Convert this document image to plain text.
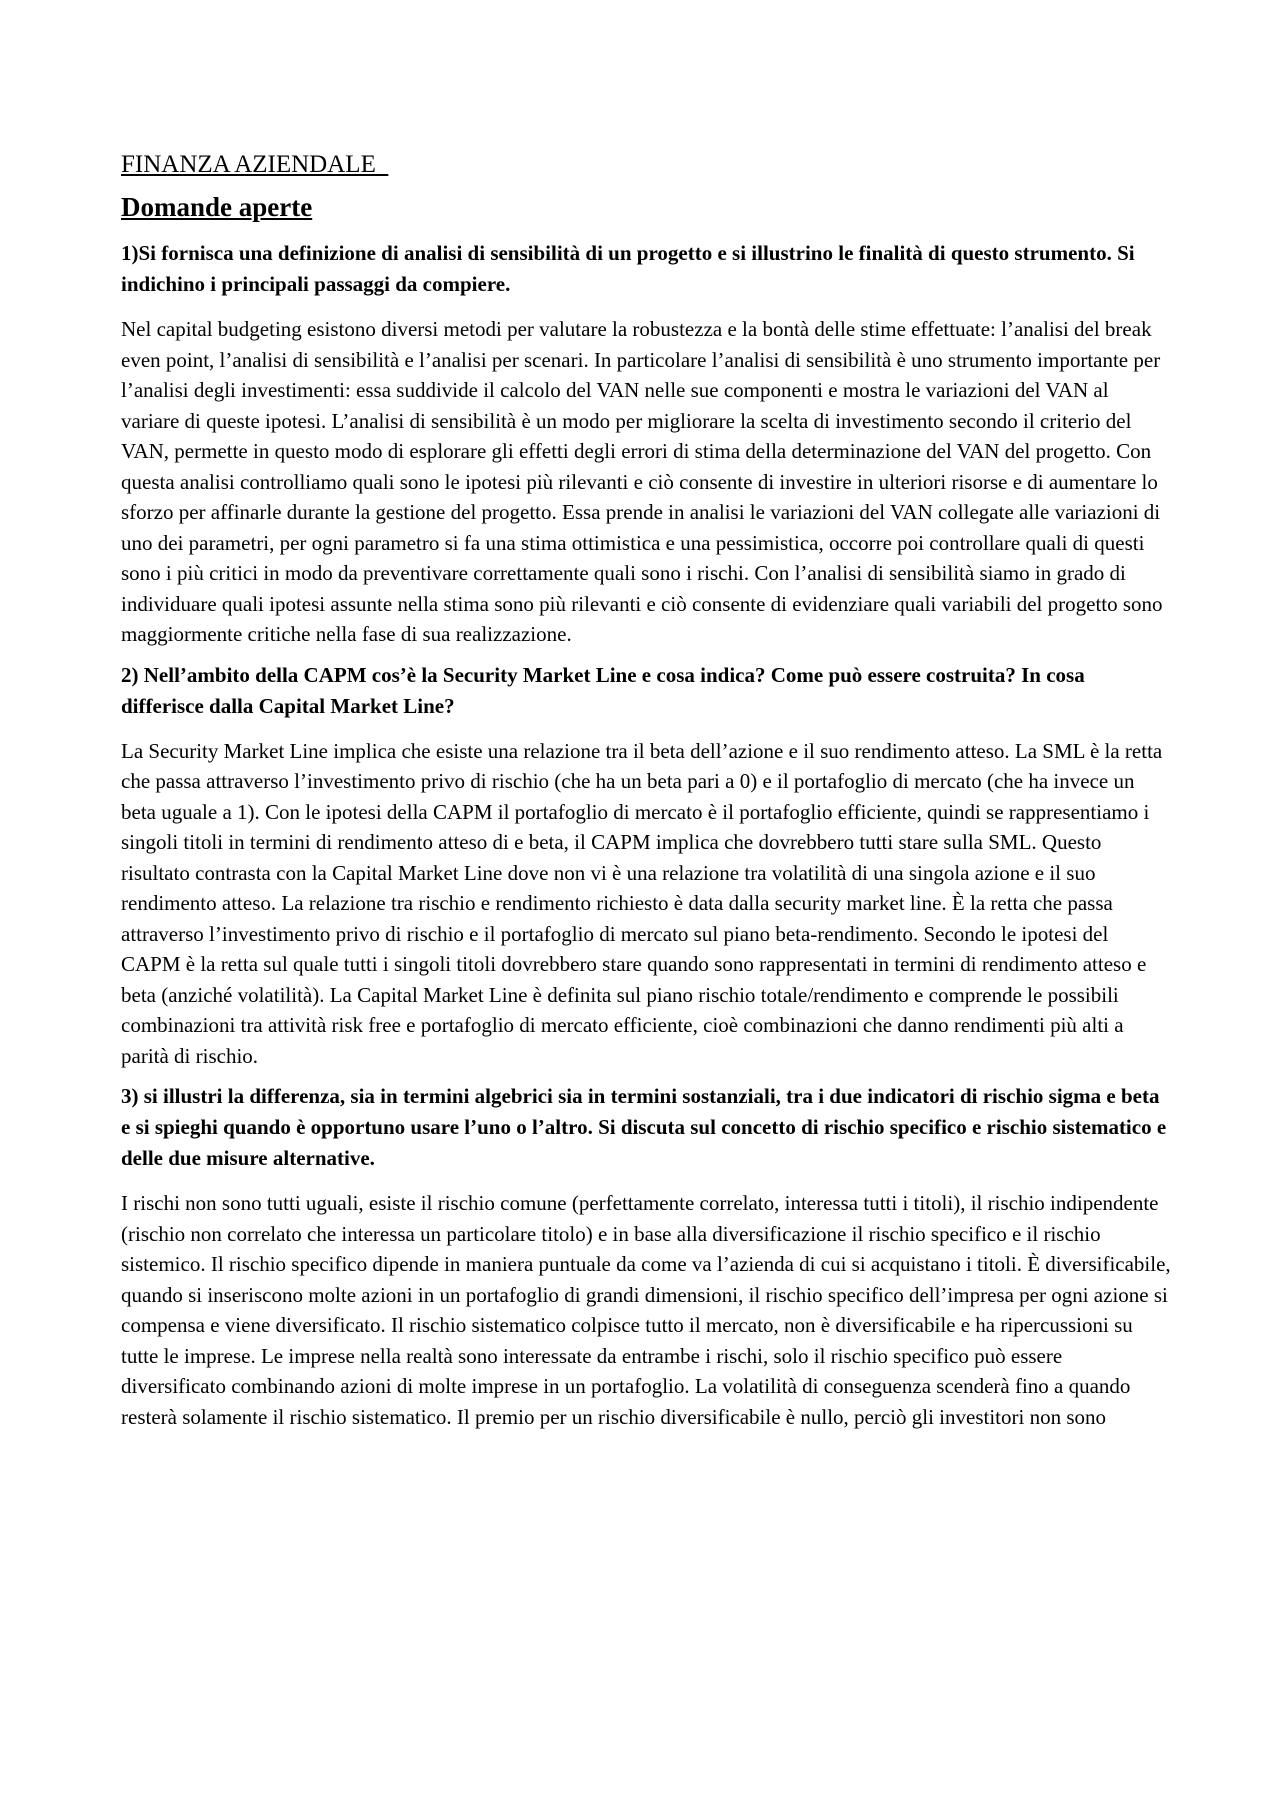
FINANZA AZIENDALE
Domande aperte

1)Si fornisca una definizione di analisi di sensibilità di un progetto e si illustrino le finalità di questo strumento. Si indichino i principali passaggi da compiere.

Nel capital budgeting esistono diversi metodi per valutare la robustezza e la bontà delle stime effettuate: l’analisi del break even point, l’analisi di sensibilità e l’analisi per scenari. In particolare l’analisi di sensibilità è uno strumento importante per l’analisi degli investimenti: essa suddivide il calcolo del VAN nelle sue componenti e mostra le variazioni del VAN al variare di queste ipotesi. L’analisi di sensibilità è un modo per migliorare la scelta di investimento secondo il criterio del VAN, permette in questo modo di esplorare gli effetti degli errori di stima della determinazione del VAN del progetto. Con questa analisi controlliamo quali sono le ipotesi più rilevanti e ciò consente di investire in ulteriori risorse e di aumentare lo sforzo per affinarle durante la gestione del progetto. Essa prende in analisi le variazioni del VAN collegate alle variazioni di uno dei parametri, per ogni parametro si fa una stima ottimistica e una pessimistica, occorre poi controllare quali di questi sono i più critici in modo da preventivare correttamente quali sono i rischi. Con l’analisi di sensibilità siamo in grado di individuare quali ipotesi assunte nella stima sono più rilevanti e ciò consente di evidenziare quali variabili del progetto sono maggiormente critiche nella fase di sua realizzazione.

2) Nell’ambito della CAPM cos’è la Security Market Line e cosa indica? Come può essere costruita? In cosa differisce dalla Capital Market Line?

La Security Market Line implica che esiste una relazione tra il beta dell’azione e il suo rendimento atteso. La SML è la retta che passa attraverso l’investimento privo di rischio (che ha un beta pari a 0) e il portafoglio di mercato (che ha invece un beta uguale a 1). Con le ipotesi della CAPM il portafoglio di mercato è il portafoglio efficiente, quindi se rappresentiamo i singoli titoli in termini di rendimento atteso di e beta, il CAPM implica che dovrebbero tutti stare sulla SML. Questo risultato contrasta con la Capital Market Line dove non vi è una relazione tra volatilità di una singola azione e il suo rendimento atteso. La relazione tra rischio e rendimento richiesto è data dalla security market line. È la retta che passa attraverso l’investimento privo di rischio e il portafoglio di mercato sul piano beta-rendimento. Secondo le ipotesi del CAPM è la retta sul quale tutti i singoli titoli dovrebbero stare quando sono rappresentati in termini di rendimento atteso e beta (anziché volatilità). La Capital Market Line è definita sul piano rischio totale/rendimento e comprende le possibili combinazioni tra attività risk free e portafoglio di mercato efficiente, cioè combinazioni che danno rendimenti più alti a parità di rischio.

3) si illustri la differenza, sia in termini algebrici sia in termini sostanziali, tra i due indicatori di rischio sigma e beta e si spieghi quando è opportuno usare l’uno o l’altro. Si discuta sul concetto di rischio specifico e rischio sistematico e delle due misure alternative.

I rischi non sono tutti uguali, esiste il rischio comune (perfettamente correlato, interessa tutti i titoli), il rischio indipendente (rischio non correlato che interessa un particolare titolo) e in base alla diversificazione il rischio specifico e il rischio sistemico. Il rischio specifico dipende in maniera puntuale da come va l’azienda di cui si acquistano i titoli. È diversificabile, quando si inseriscono molte azioni in un portafoglio di grandi dimensioni, il rischio specifico dell’impresa per ogni azione si compensa e viene diversificato. Il rischio sistematico colpisce tutto il mercato, non è diversificabile e ha ripercussioni su tutte le imprese. Le imprese nella realtà sono interessate da entrambe i rischi, solo il rischio specifico può essere diversificato combinando azioni di molte imprese in un portafoglio. La volatilità di conseguenza scenderà fino a quando resterà solamente il rischio sistematico. Il premio per un rischio diversificabile è nullo, perciò gli investitori non sono
